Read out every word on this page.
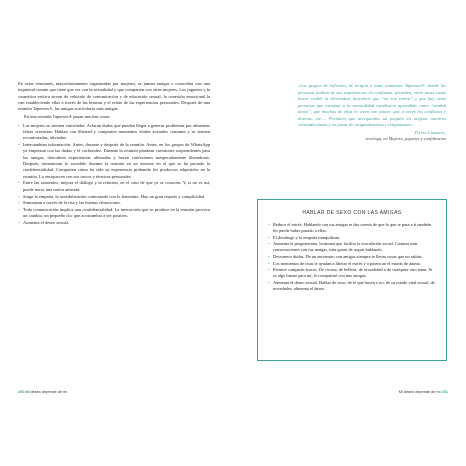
En estas reuniones, mayoritariamente organizadas por mujeres, se juntan amigas o conocidas con una inquietud común que tiene que ver con la sexualidad y que comparten con otras mujeres. Los juguetes y la cosmética erótica sirven de vehículo de comunicación y de educación sexual; la conexión emocional la van estableciendo ellas a través de las bromas y el relato de las experiencias personales. Después de una reunión Tapersex®, las amigas son todavía más amigas.

En una reunión Tapersex® pasan muchas cosas:

• Las mujeres se sienten vinculadas. Aclaran dudas que pueden llegar a generar problemas por alimentar falsas creencias. Hablan con libertad y comparten momentos vitales sexuales comunes y se sienten reconfortadas, aliviadas.
• Intercambian información. Antes, durante y después de la reunión. Antes, en los grupos de WhatsApp ya empiezan con las dudas y el cachondeo. Durante la reunión plantean cuestiones sorprendentes para las amigas, descubren experiencias alienadas y hacen confesiones inesperadamente liberadoras. Después, rememoran lo sucedido durante la reunión en un entorno en el que se ha pactado la confidencialidad. Comparten cómo ha sido su experiencia probando los productos adquiridos en la reunión. Lo enriquecen con sus trucos y técnicas personales.
• Entre las asistentes, mejora el diálogo y la relación, en el caso de que ya se conocen. Y, si no es así, puede nacer una nueva amistad.
• Surge la empatía, la sensibilización conectando con lo femenino. Hay un gran respeto y complicidad.
• Sintonizan a través de la risa y las buenas vibraciones.
• Toda comunicación implica una confidencialidad. La interacción que se produce en la reunión provoca un cambio, un pequeño clic que acostumbra a ser positivo.
• Aumenta el deseo sexual.
200 Mi deseo depende de mí

«Los grupos de reflexión, de terapia o estas reuniones Tapersex®, donde las personas hablan de sus experiencias en confianza, permiten, entre otras cosas hacer visible la diversidad, descubrir que “no soy raro/a” y que hay otras personas que escapan a la normalidad estadística aprendida como “verdad única”, que muchas de ellas lo viven con placer, que a veces los conflictos y dramas, etc.… Permiten que acerquemos un poquito en aceptar nuestras contradicciones y no pasar de estigmatizarnos y estigmatizar.»

Flavia Limones,

sexóloga, en Mujeres, juguetes y confidencias

HABLAR DE SEXO CON LAS AMIGAS
• Reduce el estrés. Hablando con tus amigas te das cuenta de que lo que te pasa a ti también les puede haber pasado a ellas.
• El desahogo y la empatía tranquilizan.
• Aumenta la progesterona, hormona que facilita la vinculación social. Cuantas más conversaciones con tus amigas, más ganas de seguir hablando.
• Desvanece dudas. De un encuentro con amigas siempre te llevas cosas que no sabías.
• Los momentos de risas te ayudan a liberar el estrés y a potenciar el estado de ánimo.
• Permite compartir trucos. De cocina, de belleza, de sexualidad o de cualquier otro tema. Si es algo bueno para mí, lo compartiré con mis amigas.
• Aumenta el deseo sexual. Hablar de sexo, de lo que hacen o no, de su estado vital sexual, de novedades, alimenta el deseo.
Mi deseo depende de mí 201
